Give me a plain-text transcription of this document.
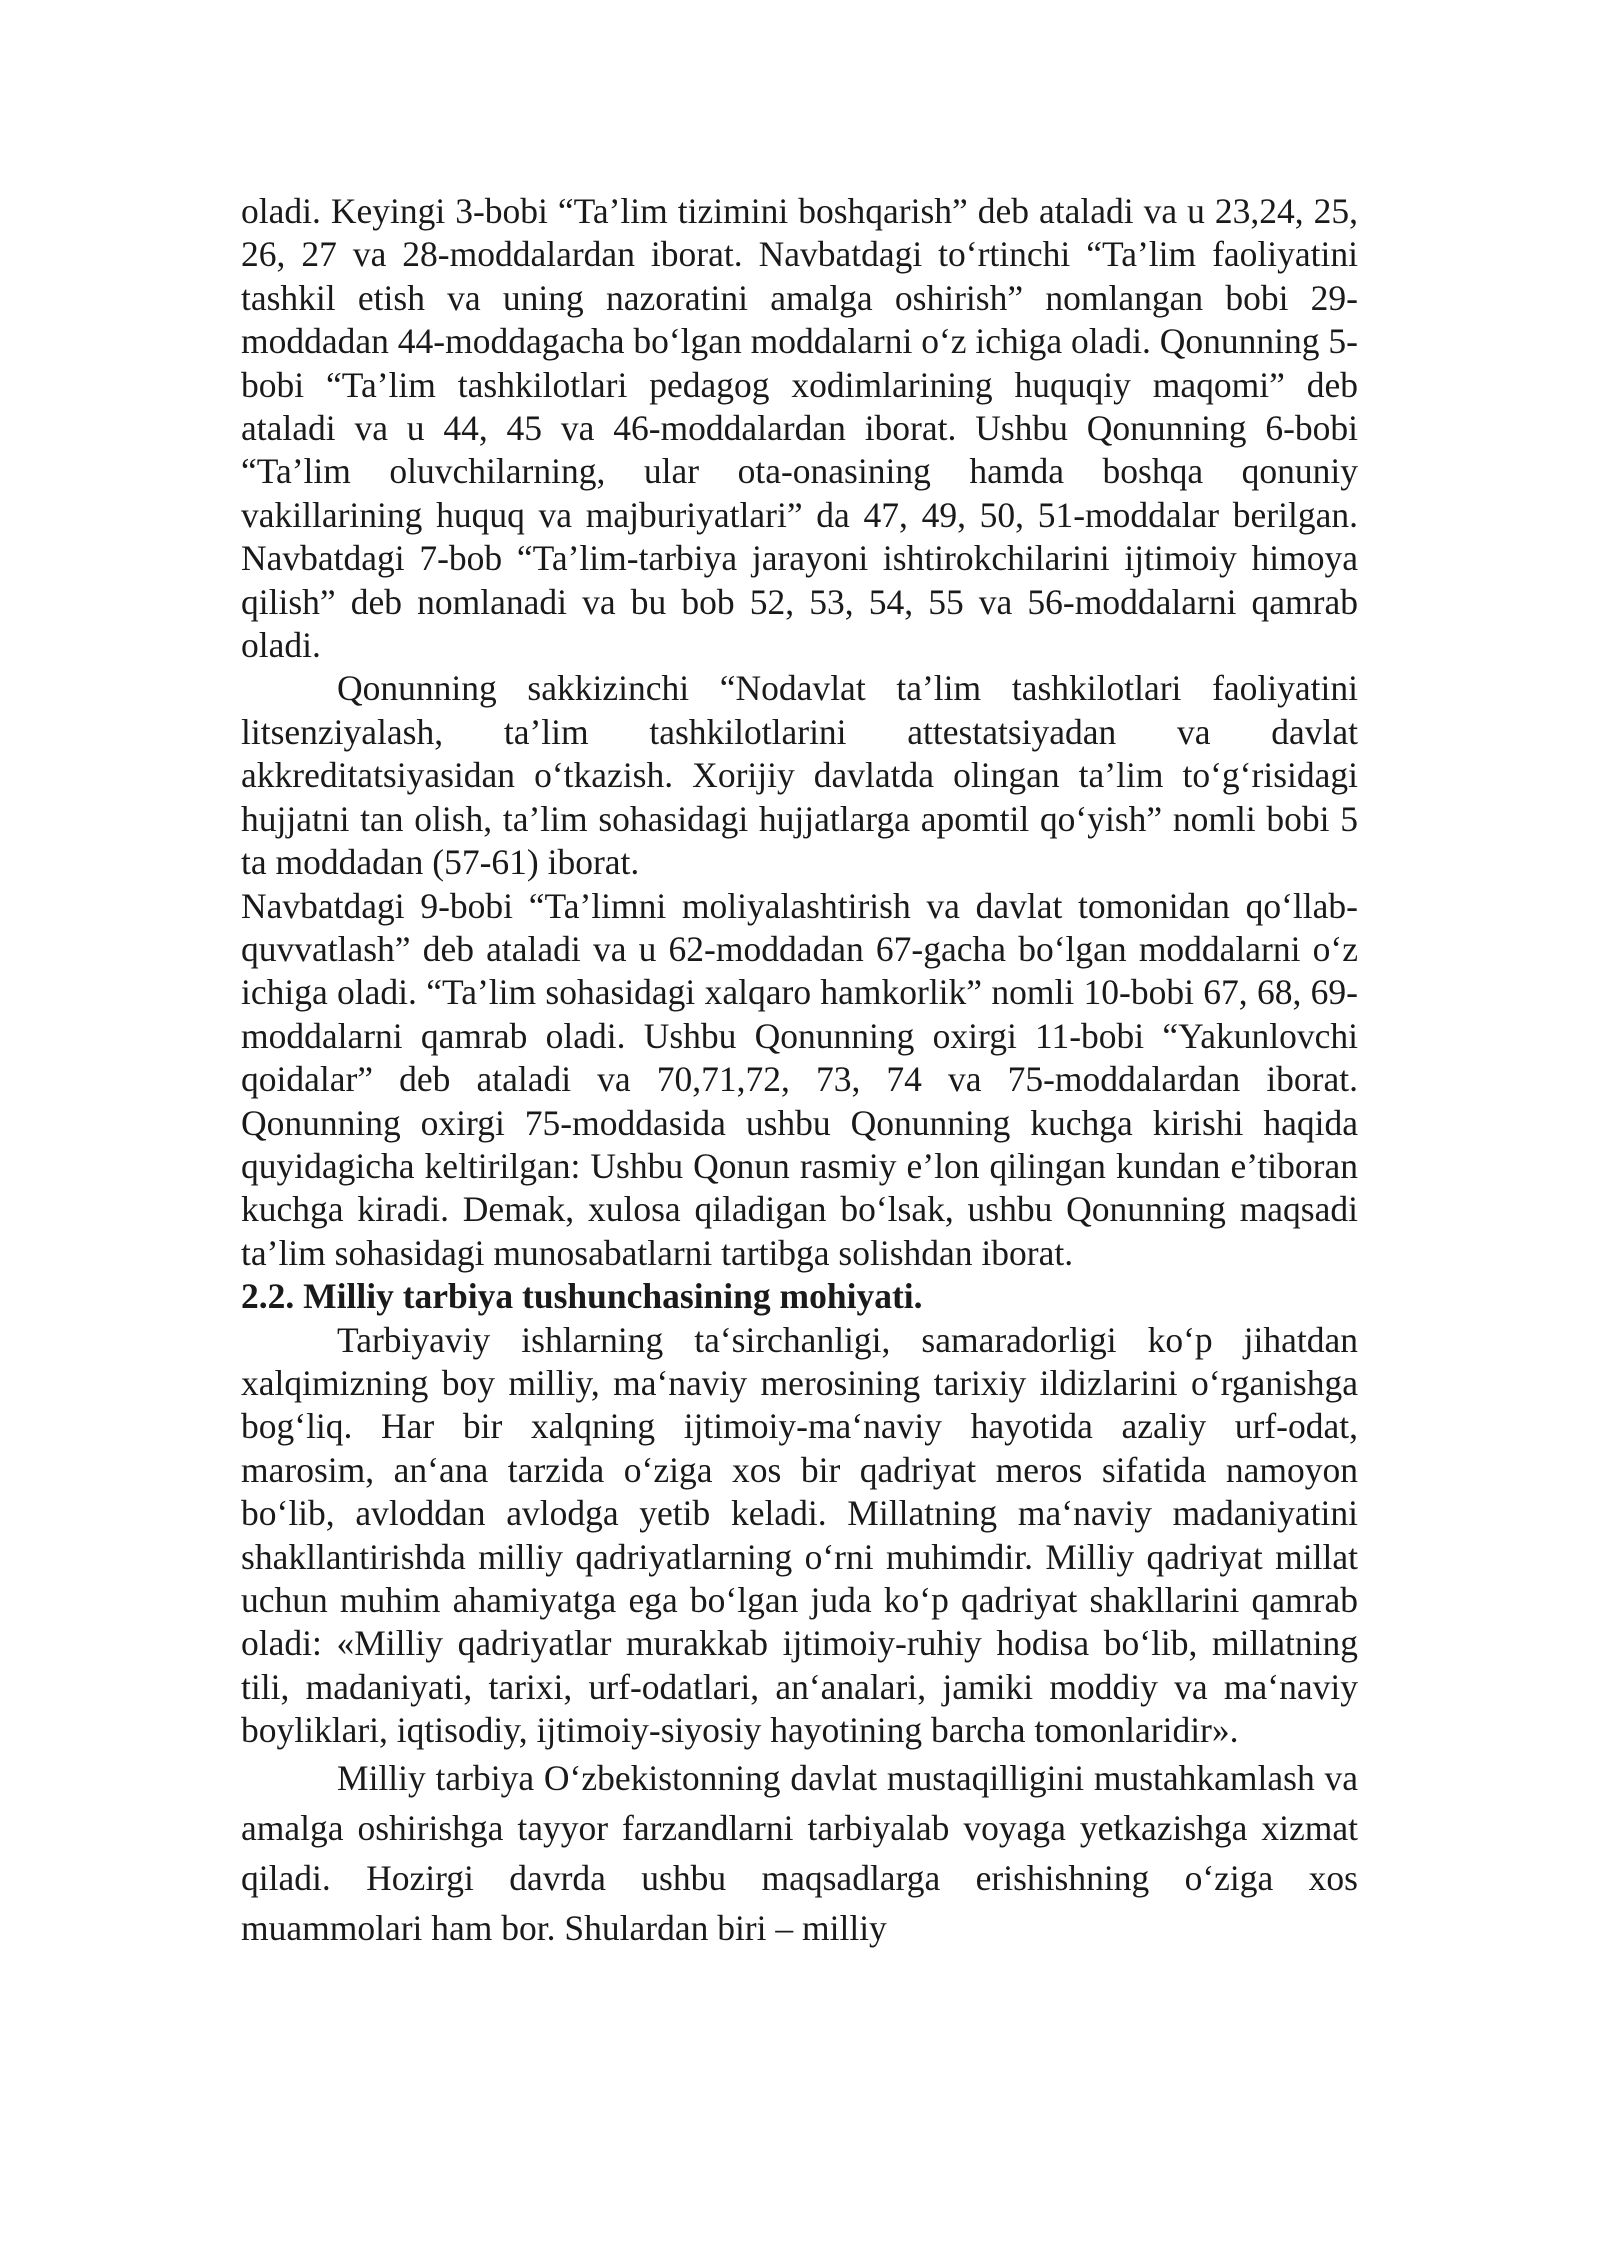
oladi. Keyingi 3-bobi “Ta’lim tizimini boshqarish” deb ataladi va u 23,24, 25, 26, 27 va 28-moddalardan iborat. Navbatdagi to‘rtinchi “Ta’lim faoliyatini tashkil etish va uning nazoratini amalga oshirish” nomlangan bobi 29-moddadan 44-moddagacha bo‘lgan moddalarni o‘z ichiga oladi. Qonunning 5-bobi “Ta’lim tashkilotlari pedagog xodimlarining huquqiy maqomi” deb ataladi va u 44, 45 va 46-moddalardan iborat. Ushbu Qonunning 6-bobi “Ta’lim oluvchilarning, ular ota-onasining hamda boshqa qonuniy vakillarining huquq va majburiyatlari” da 47, 49, 50, 51-moddalar berilgan. Navbatdagi 7-bob “Ta’lim-tarbiya jarayoni ishtirokchilarini ijtimoiy himoya qilish” deb nomlanadi va bu bob 52, 53, 54, 55 va 56-moddalarni qamrab oladi.

Qonunning sakkizinchi “Nodavlat ta’lim tashkilotlari faoliyatini litsenziyalash, ta’lim tashkilotlarini attestatsiyadan va davlat akkreditatsiyasidan o‘tkazish. Xorijiy davlatda olingan ta’lim to‘g‘risidagi hujjatni tan olish, ta’lim sohasidagi hujjatlarga apomtil qo‘yish” nomli bobi 5 ta moddadan (57-61) iborat.

Navbatdagi 9-bobi “Ta’limni moliyalashtirish va davlat tomonidan qo‘llab-quvvatlash” deb ataladi va u 62-moddadan 67-gacha bo‘lgan moddalarni o‘z ichiga oladi. “Ta’lim sohasidagi xalqaro hamkorlik” nomli 10-bobi 67, 68, 69-moddalarni qamrab oladi. Ushbu Qonunning oxirgi 11-bobi “Yakunlovchi qoidalar” deb ataladi va 70,71,72, 73, 74 va 75-moddalardan iborat. Qonunning oxirgi 75-moddasida ushbu Qonunning kuchga kirishi haqida quyidagicha keltirilgan: Ushbu Qonun rasmiy e’lon qilingan kundan e’tiboran kuchga kiradi. Demak, xulosa qiladigan bo‘lsak, ushbu Qonunning maqsadi ta’lim sohasidagi munosabatlarni tartibga solishdan iborat.

2.2. Milliy tarbiya tushunchasining mohiyati.

Tarbiyaviy ishlarning ta‘sirchanligi, samaradorligi ko‘p jihatdan xalqimizning boy milliy, ma‘naviy merosining tarixiy ildizlarini o‘rganishga bog‘liq. Har bir xalqning ijtimoiy-ma‘naviy hayotida azaliy urf-odat, marosim, an‘ana tarzida o‘ziga xos bir qadriyat meros sifatida namoyon bo‘lib, avloddan avlodga yetib keladi. Millatning ma‘naviy madaniyatini shakllantirishda milliy qadriyatlarning o‘rni muhimdir. Milliy qadriyat millat uchun muhim ahamiyatga ega bo‘lgan juda ko‘p qadriyat shakllarini qamrab oladi: «Milliy qadriyatlar murakkab ijtimoiy-ruhiy hodisa bo‘lib, millatning tili, madaniyati, tarixi, urf-odatlari, an‘analari, jamiki moddiy va ma‘naviy boyliklari, iqtisodiy, ijtimoiy-siyosiy hayotining barcha tomonlaridir».

Milliy tarbiya O‘zbekistonning davlat mustaqilligini mustahkamlash va amalga oshirishga tayyor farzandlarni tarbiyalab voyaga yetkazishga xizmat qiladi. Hozirgi davrda ushbu maqsadlarga erishishning o‘ziga xos muammolari ham bor. Shulardan biri – milliy
